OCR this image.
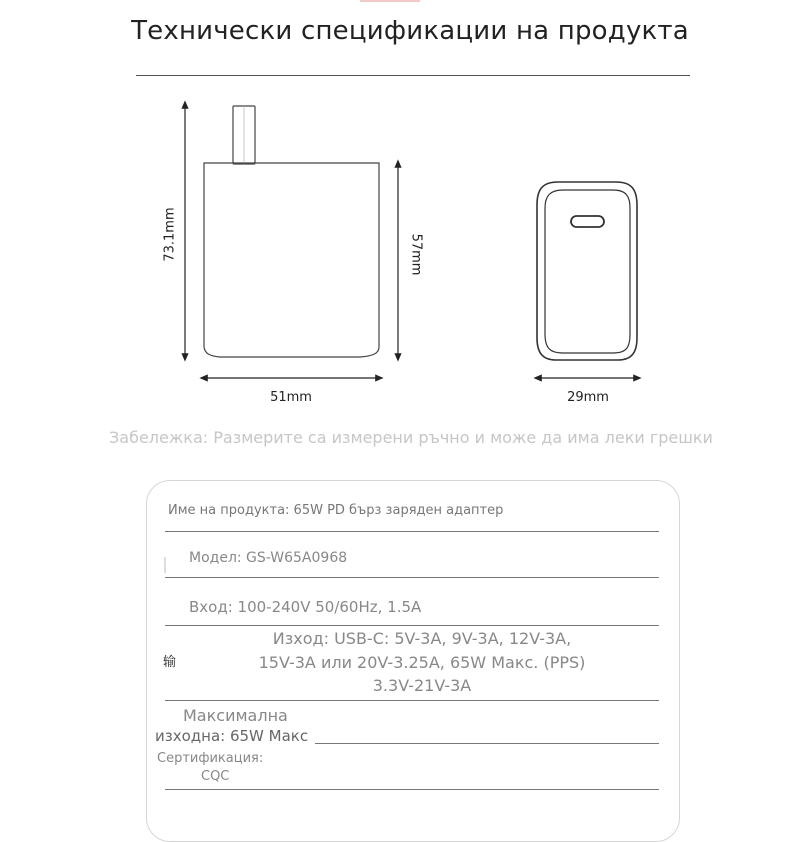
Технически спецификации на продукта
73.1mm	57mm
51mm	29mm
Забележка: Размерите са измерени ръчно и може да има леки грешки
Име на продукта: 65W PD бърз заряден адаптер
Модел: GS-W65A0968
Вход: 100-240V 50/60Hz, 1.5A
输
Изход: USB-C: 5V-3A, 9V-3A, 12V-3A,
15V-3A или 20V-3.25A, 65W Макс. (PPS)
3.3V-21V-3A
Максимална
изходна: 65W Макс
Сертификация:
CQC
